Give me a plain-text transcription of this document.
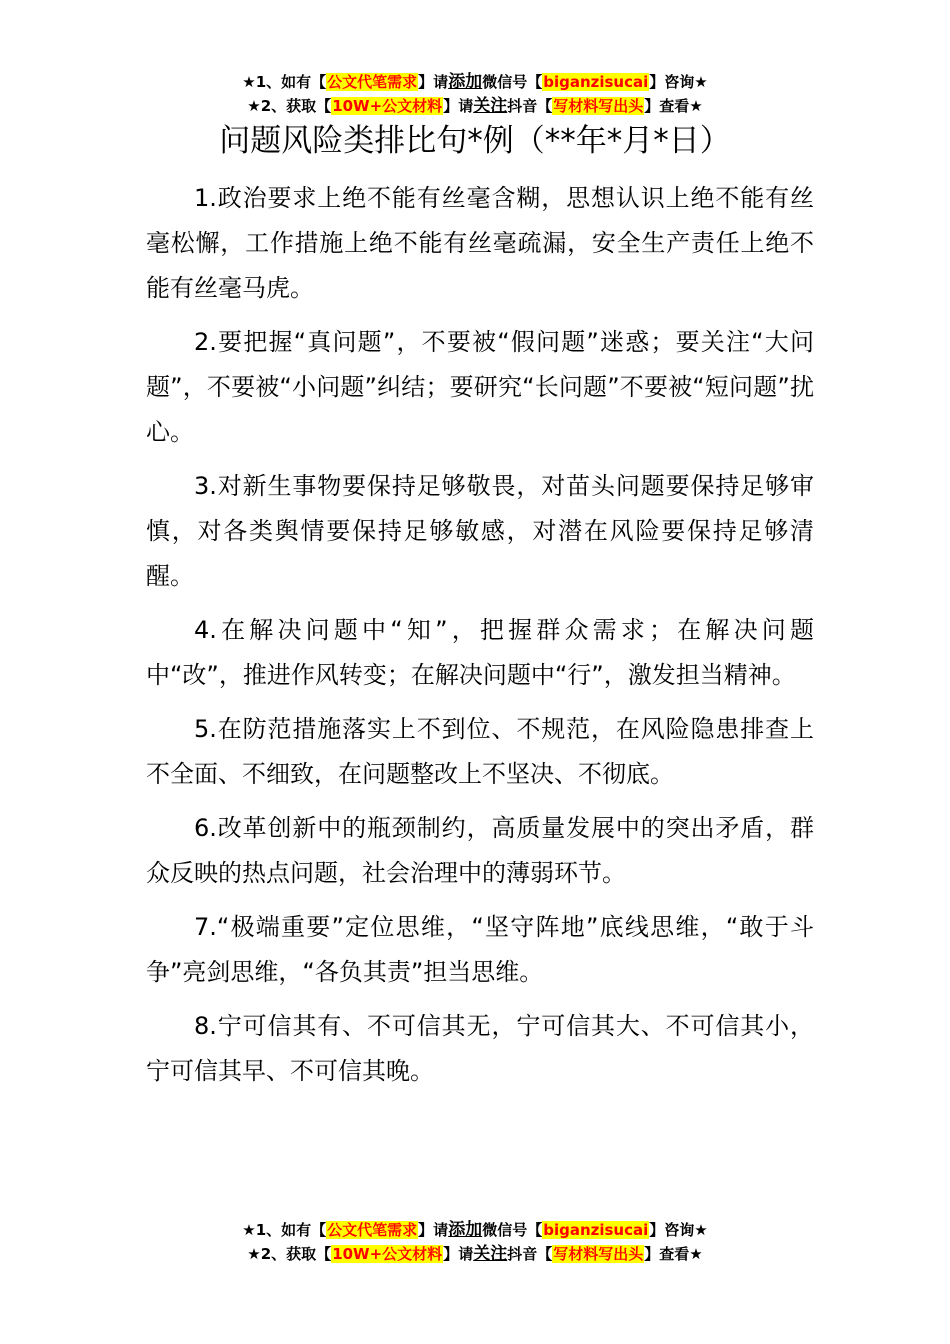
★1、如有【公文代笔需求】请添加微信号【biganzisucai】咨询★
★2、获取【10W+公文材料】请关注抖音【写材料写出头】查看★
问题风险类排比句*例（**年*月*日）

1.政治要求上绝不能有丝毫含糊，思想认识上绝不能有丝毫松懈，工作措施上绝不能有丝毫疏漏，安全生产责任上绝不能有丝毫马虎。

2.要把握“真问题”，不要被“假问题”迷惑；要关注“大问题”，不要被“小问题”纠结；要研究“长问题”不要被“短问题”扰心。

3.对新生事物要保持足够敬畏，对苗头问题要保持足够审慎，对各类舆情要保持足够敏感，对潜在风险要保持足够清醒。

4.在解决问题中“知”，把握群众需求；在解决问题中“改”，推进作风转变；在解决问题中“行”，激发担当精神。

5.在防范措施落实上不到位、不规范，在风险隐患排查上不全面、不细致，在问题整改上不坚决、不彻底。

6.改革创新中的瓶颈制约，高质量发展中的突出矛盾，群众反映的热点问题，社会治理中的薄弱环节。

7.“极端重要”定位思维，“坚守阵地”底线思维，“敢于斗争”亮剑思维，“各负其责”担当思维。

8.宁可信其有、不可信其无，宁可信其大、不可信其小，宁可信其早、不可信其晚。

★1、如有【公文代笔需求】请添加微信号【biganzisucai】咨询★
★2、获取【10W+公文材料】请关注抖音【写材料写出头】查看★
